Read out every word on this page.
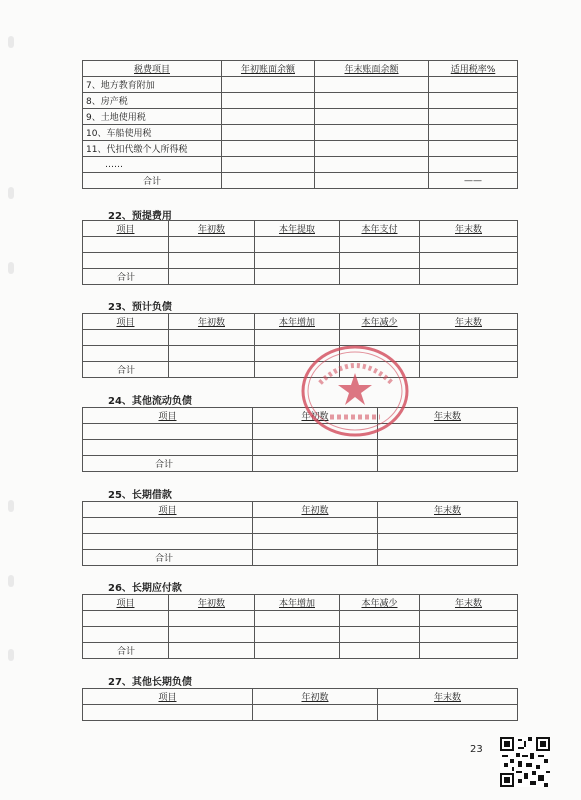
税费项目	年初账面余额	年末账面余额	适用税率%
7、地方教育附加			
8、房产税			
9、土地使用税			
10、车船使用税			
11、代扣代缴个人所得税			
……			
合计			——
22、预提费用
项目	年初数	本年提取	本年支付	年末数

合计				
23、预计负债
项目	年初数	本年增加	本年减少	年末数

合计				
24、其他流动负债
项目	年初数	年末数

合计		
25、长期借款
项目	年初数	年末数

合计		
26、长期应付款
项目	年初数	本年增加	本年减少	年末数

合计				
27、其他长期负债
项目	年初数	年末数

23
